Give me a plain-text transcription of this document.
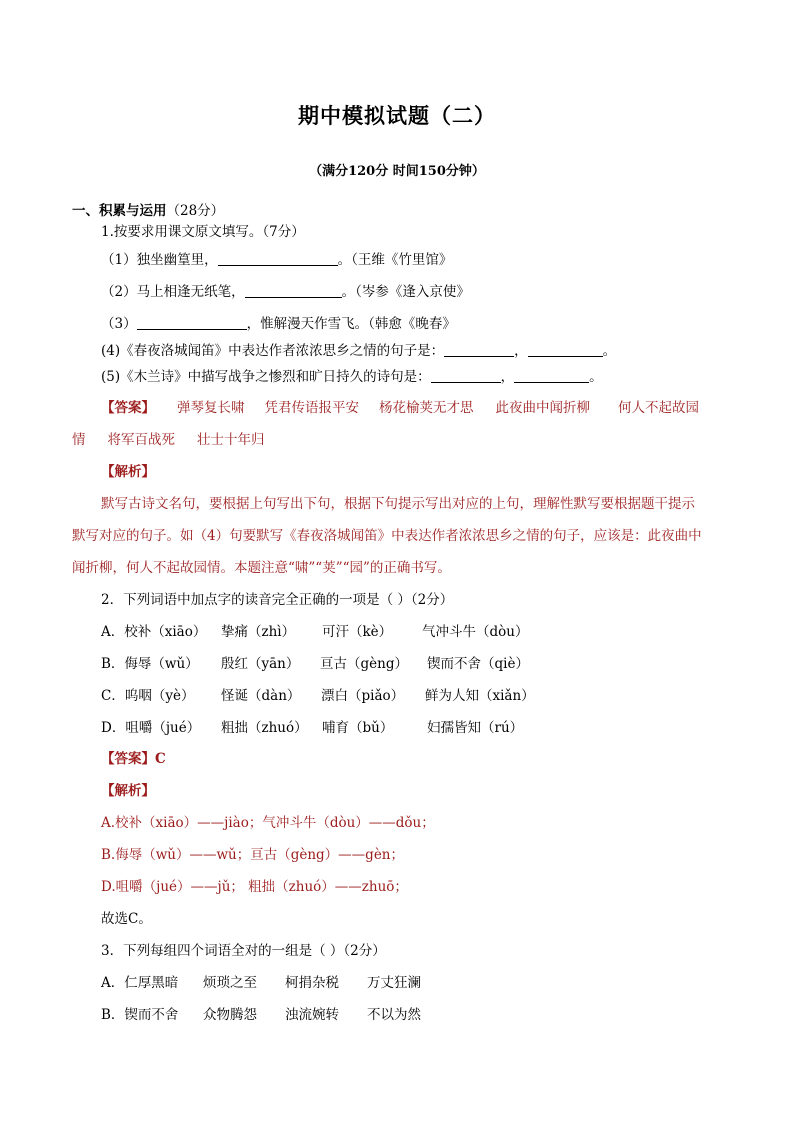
期中模拟试题（二）
（满分120分 时间150分钟）
一、积累与运用（28分）
1.按要求用课文原文填写。（7分）
（1）独坐幽篁里，	。（王维《竹里馆》
（2）马上相逢无纸笔，	。（岑参《逢入京使》
（3）	，惟解漫天作雪飞。（韩愈《晚春》
(4)《春夜洛城闻笛》中表达作者浓浓思乡之情的句子是：	，	。
(5)《木兰诗》中描写战争之惨烈和旷日持久的诗句是：	，	。
【答案】 弹琴复长啸 凭君传语报平安 杨花榆荚无才思 此夜曲中闻折柳 何人不起故园
情 将军百战死 壮士十年归
【解析】
默写古诗文名句，要根据上句写出下句，根据下句提示写出对应的上句，理解性默写要根据题干提示
默写对应的句子。如（4）句要默写《春夜洛城闻笛》中表达作者浓浓思乡之情的句子，应该是：此夜曲中
闻折柳，何人不起故园情。本题注意“啸”“荚”“园”的正确书写。
2．下列词语中加点字的读音完全正确的一项是（ ）（2分）
A．校补（xiāo） 挚痛（zhì） 可汗（kè） 气冲斗牛（dòu）
B．侮辱（wǔ） 殷红（yān） 亘古（gèng） 锲而不舍（qiè）
C．呜咽（yè） 怪诞（dàn） 漂白（piǎo） 鲜为人知（xiǎn）
D．咀嚼（jué） 粗拙（zhuó） 哺育（bǔ） 妇孺皆知（rú）
【答案】C
【解析】
A.校补（xiāo）——jiào；气冲斗牛（dòu）——dǒu；
B.侮辱（wǔ）——wǔ；亘古（gèng）——gèn；
D.咀嚼（jué）——jǔ； 粗拙（zhuó）——zhuō；
故选C。
3．下列每组四个词语全对的一组是（ ）（2分）
A．仁厚黑暗 烦琐之至 柯捐杂税 万丈狂澜
B．锲而不舍 众物腾怨 浊流婉转 不以为然
